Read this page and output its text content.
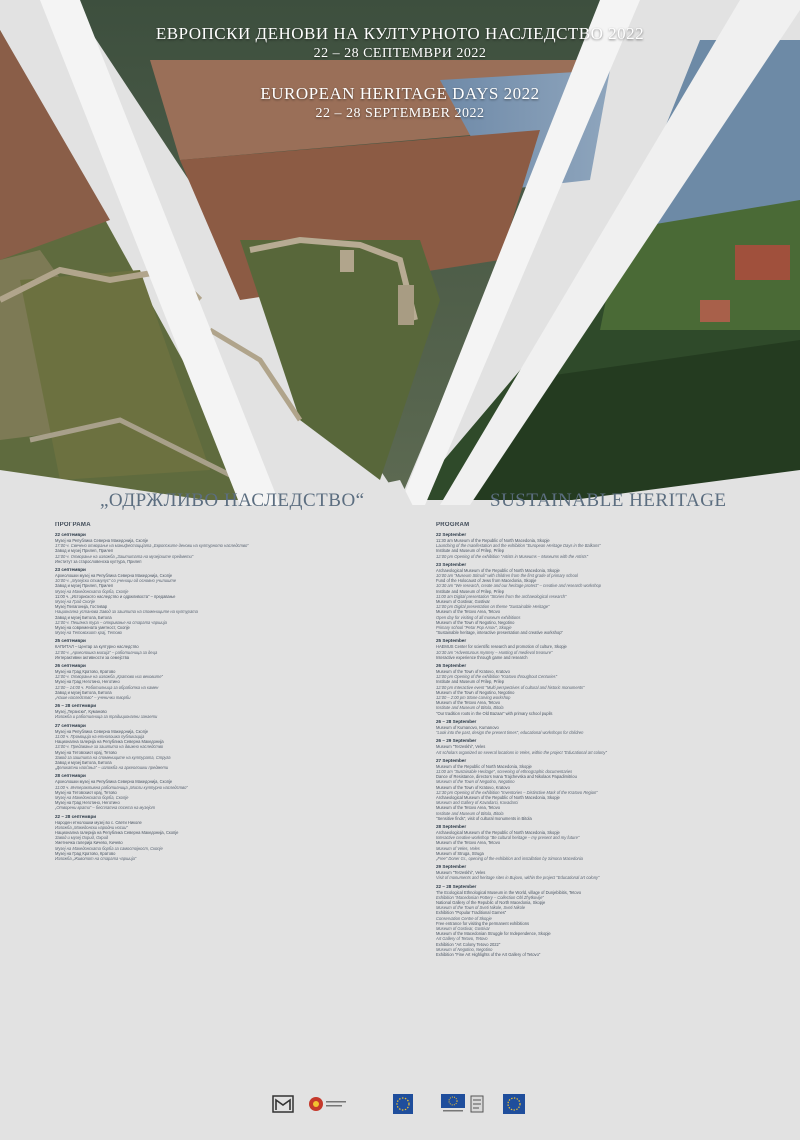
ЕВРОПСКИ ДЕНОВИ НА КУЛТУРНОТО НАСЛЕДСТВО 2022
22 – 28 СЕПТЕМВРИ 2022
EUROPEAN HERITAGE DAYS 2022
22 – 28 SEPTEMBER 2022
„ОДРЖЛИВО НАСЛЕДСТВО“	SUSTAINABLE HERITAGE
ПРОГРАМА
22 септември
Музеј на Република Северна Македонија, Скопје
17:00 ч. Свечено отворање на манифестацијата „Европските денови на културното наследство“
Завод и музеј Прилеп, Прилеп
12:00 ч. Отворање на изложба „Заштитата на музејските предмети“
Институт за старословенска култура, Прилеп
23 септември
Археолошки музеј на Република Северна Македонија, Скопје
10:00 ч. „Музејски стимулус“ со ученици од основно училиште
Завод и музеј Прилеп, Прилеп
Музеј на Македонската борба, Скопје
11:00 ч. „Историското наследство и одржливоста“ – предавање
Музеј на Град Скопје
Музеј Пелагонија, Гостивар
Национална установа Завод за заштита на спомениците на културата
Завод и музеј Битола, Битола
12:00 ч. Пешачка тура – откривање на старата чаршија
Музеј на современата уметност, Скопје
Музеј на Тетовскиот крај, Тетово
25 септември
КАПИТАЛ – Центар за културно наследство
12:00 ч. „Археолошка мисија“ – работилница за деца
Интерактивни активности за семејства
26 септември
Музеј на Град Кратово, Кратово
12:00 ч. Отворање на изложба „Кратово низ вековите“
Музеј на Град Неготино, Неготино
12:00 – 14:00 ч. Работилница за обработка на камен
Завод и музеј Битола, Битола
„Наше наследство“ – ученички творби
26 – 28 септември
Музеј „Терзиски“, Куманово
Изложба и работилница за традиционални занаети
27 септември
Музеј на Република Северна Македонија, Скопје
11:00 ч. Промоција на етнолошка публикација
Национална галерија на Република Северна Македонија
13:00 ч. Предавање за заштита на движно наследство
Музеј на Тетовскиот крај, Тетово
Завод за заштита на спомениците на културата, Струга
Завод и музеј Битола, Битола
„Деликатни наоѓања“ – изложба на археолошки предмети
28 септември
Археолошки музеј на Република Северна Македонија, Скопје
11:00 ч. Интерактивна работилница „Мисли културно наследство“
Музеј на Тетовскиот крај, Тетово
Музеј на Македонската борба, Скопје
Музеј на Град Неготино, Неготино
„Отворени врати“ – бесплатна посета на музејот
22 – 28 септември
Народен етнолошки музеј во с. Свети Николе
Изложба „Македонски народни носии“
Национална галерија на Република Северна Македонија, Скопје
Завод и музеј Охрид, Охрид
Уметничка галерија Кичево, Кичево
Музеј на Македонската борба за самостојност, Скопје
Музеј на Град Кратово, Кратово
Изложба „Животот на старата чаршија“
PROGRAM
22 September
11:30 am Museum of the Republic of North Macedonia, Skopje
Launching of the manifestation and the exhibition "European Heritage Days in the Balkans"
Institute and Museum of Prilep, Prilep
12:00 pm Opening of the exhibition "Artists in Museums – Museums with the Artists"
23 September
Archaeological Museum of the Republic of North Macedonia, Skopje
10:00 am "Museum Stimuli" with children from the first grade of primary school
Fund of the Holocaust of Jews from Macedonia, Skopje
10:30 am "We research, create and our heritage protect" – creative and research workshop
Institute and Museum of Prilep, Prilep
11:00 am Digital presentation "Stories from the archaeological research"
Museum of Gostivar, Gostivar
12:00 pm Digital presentation on theme "Sustainable Heritage"
Museum of the Tetovo Area, Tetovo
Open day for visiting of all museum exhibitions
Museum of the Town of Negotino, Negotino
Primary school "Petar Pop Arsov", Skopje
"Sustainable heritage, interactive presentation and creative workshop"
25 September
HAEMUS Center for scientific research and promotion of culture, Skopje
10:30 am "Adventurous mystery – Hunting of medieval treasure"
Interactive experience through game and research
26 September
Museum of the Town of Kratovo, Kratovo
12:00 pm Opening of the exhibition "Kratovo throughout Centuries"
Institute and Museum of Prilep, Prilep
12:00 pm Interactive event "Multi perspectives of cultural and historic monuments"
Museum of the Town of Negotino, Negotino
12:00 – 2:00 pm Stone carving workshop
Museum of the Tetovo Area, Tetovo
Institute and Museum of Bitola, Bitola
"Our tradition roots in the Old Bazaar" with primary school pupils
26 – 28 September
Museum of Kumanovo, Kumanovo
"Look into the past, design the present times", educational workshops for children
26 – 29 September
Museum "Terzeskhi", Veles
Art scholars organized on several locations in Veles, within the project "Educational art colony"
27 September
Museum of the Republic of North Macedonia, Skopje
11:00 am "Sustainable Heritage", screening of ethnographic documentaries
Dance of Resistance, directors Ivana Trajchevska and Nikolaos Papadimitriou
Museum of the Town of Negotino, Negotino
Museum of the Town of Kratovo, Kratovo
12:30 pm Opening of the exhibition "Inventories – Distinctive Mark of the Kratovo Region"
Archaeological Museum of the Republic of North Macedonia, Skopje
Museum and Gallery of Kavadarci, Kavadarci
Museum of the Tetovo Area, Tetovo
Institute and Museum of Bitola, Bitola
"Sensitive finds", visit of cultural monuments in Bitola
28 September
Archaeological Museum of the Republic of North Macedonia, Skopje
Interactive creative workshop "Be cultural heritage – my present and my future"
Museum of the Tetovo Area, Tetovo
Museum of Veles, Veles
Museum of Struga, Struga
„Free" Doner Gr., opening of the exhibition and installation by Simona Macedonia
29 September
Museum "Terzeskhi", Veles
Visit of monuments and heritage sites in Bujovo, within the project "Educational art colony"
22 – 28 September
The Ecological Ethnological Museum in the World, village of Dunjebibitis, Tetovo
Exhibition "Macedonian Pottery – Collection Obl Zhytkovije"
National Gallery of the Republic of North Macedonia, Skopje
Museum of the Town of Sveti Nikole, Sveti Nikole
Exhibition "Popular Traditional Games"
Conservation Centre of Skopje
Free entrance for visiting the permanent exhibitions
Museum of Gostivar, Gostivar
Museum of the Macedonian Struggle for Independence, Skopje
Art Gallery of Tetovo, Tetovo
Exhibition "Art Colony Tetovo 2022"
Museum of Negotino, Negotino
Exhibition "Fine Art Highlights of the Art Gallery of Tetovo"
